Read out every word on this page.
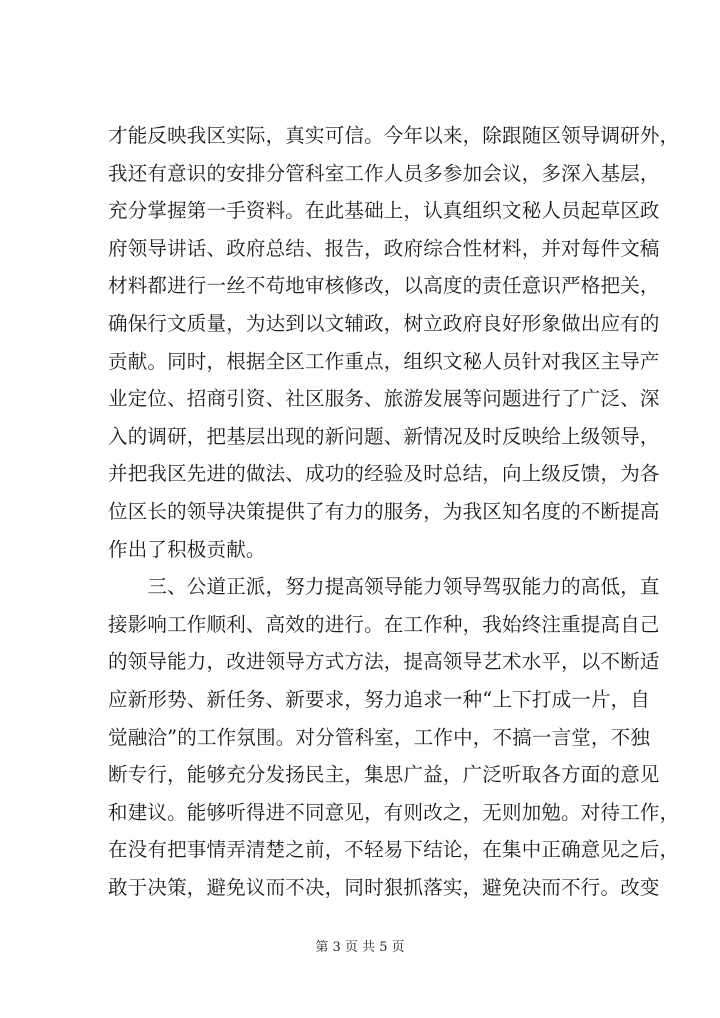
才能反映我区实际，真实可信。今年以来，除跟随区领导调研外，
我还有意识的安排分管科室工作人员多参加会议，多深入基层，
充分掌握第一手资料。在此基础上，认真组织文秘人员起草区政
府领导讲话、政府总结、报告，政府综合性材料，并对每件文稿
材料都进行一丝不苟地审核修改，以高度的责任意识严格把关，
确保行文质量，为达到以文辅政，树立政府良好形象做出应有的
贡献。同时，根据全区工作重点，组织文秘人员针对我区主导产
业定位、招商引资、社区服务、旅游发展等问题进行了广泛、深
入的调研，把基层出现的新问题、新情况及时反映给上级领导，
并把我区先进的做法、成功的经验及时总结，向上级反馈，为各
位区长的领导决策提供了有力的服务，为我区知名度的不断提高
作出了积极贡献。
　　三、公道正派，努力提高领导能力领导驾驭能力的高低，直
接影响工作顺利、高效的进行。在工作种，我始终注重提高自己
的领导能力，改进领导方式方法，提高领导艺术水平，以不断适
应新形势、新任务、新要求，努力追求一种“上下打成一片，自
觉融洽”的工作氛围。对分管科室，工作中，不搞一言堂，不独
断专行，能够充分发扬民主，集思广益，广泛听取各方面的意见
和建议。能够听得进不同意见，有则改之，无则加勉。对待工作，
在没有把事情弄清楚之前，不轻易下结论，在集中正确意见之后，
敢于决策，避免议而不决，同时狠抓落实，避免决而不行。改变
第 3 页 共 5 页
